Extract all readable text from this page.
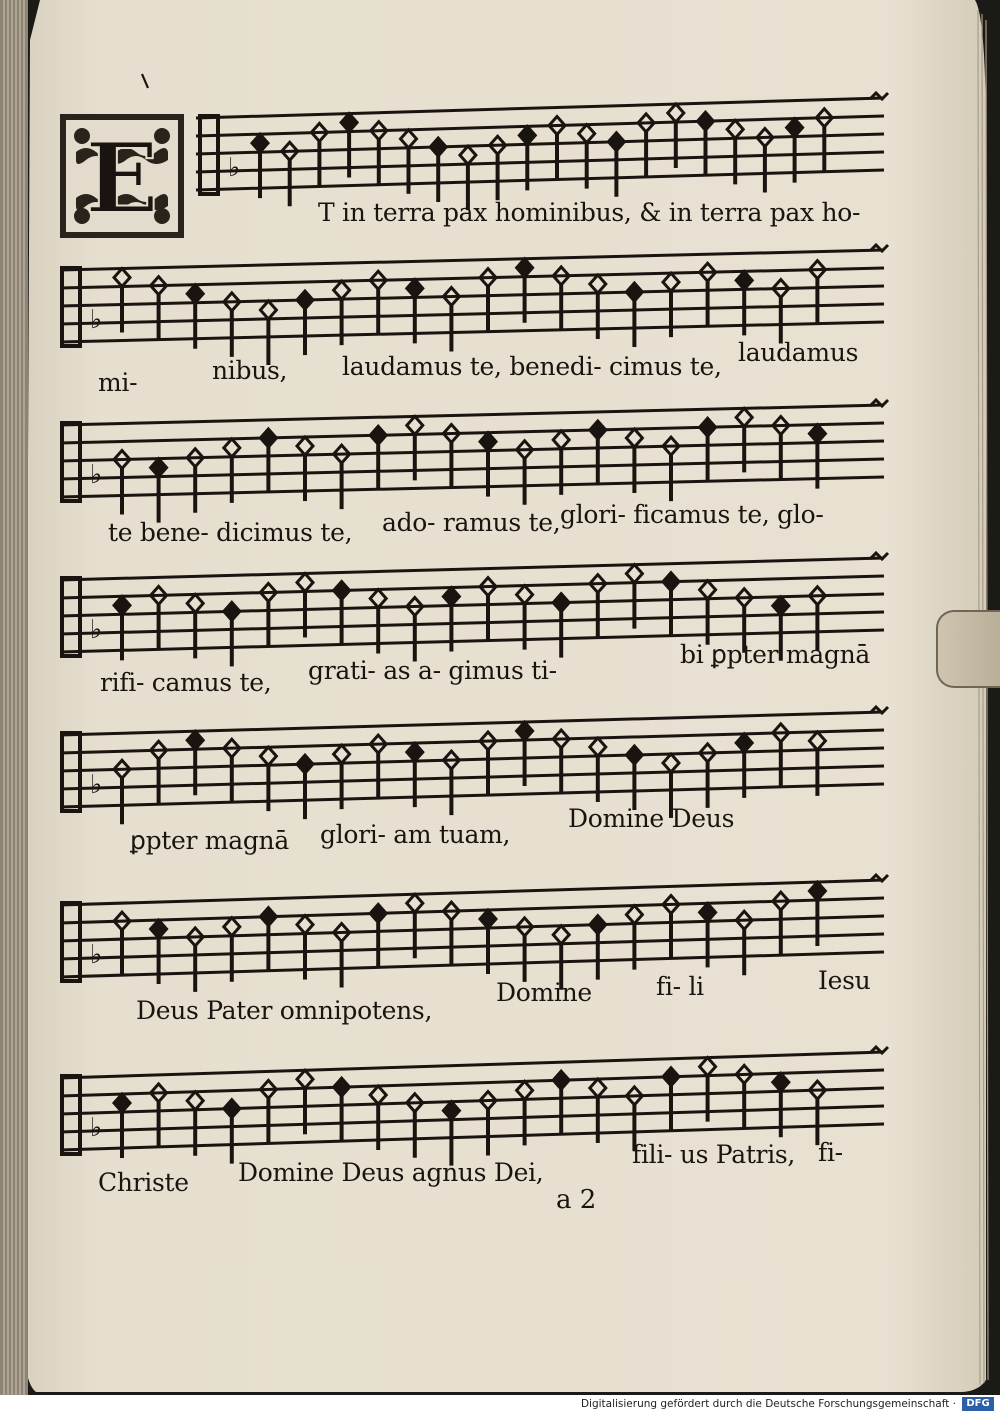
♭
♭
♭
♭
♭
♭
♭
E	T in terra pax hominibus, & in terra pax ho-
mi-	nibus, laudamus te, benedi- cimus te, laudamus
te bene- dicimus te, ado- ramus te, glori- ficamus te, glo-
rifi- camus te, grati- as a- gimus ti-
bi ꝑpter magnā
ꝑpter magnā glori- am tuam,
Domine Deus
Deus Pater omnipotens,
Domine	fi- li	Iesu
Christe Domine Deus agnus Dei,
fili- us Patris, fi-
a 2
Digitalisierung gefördert durch die Deutsche Forschungsgemeinschaft ·	DFG
